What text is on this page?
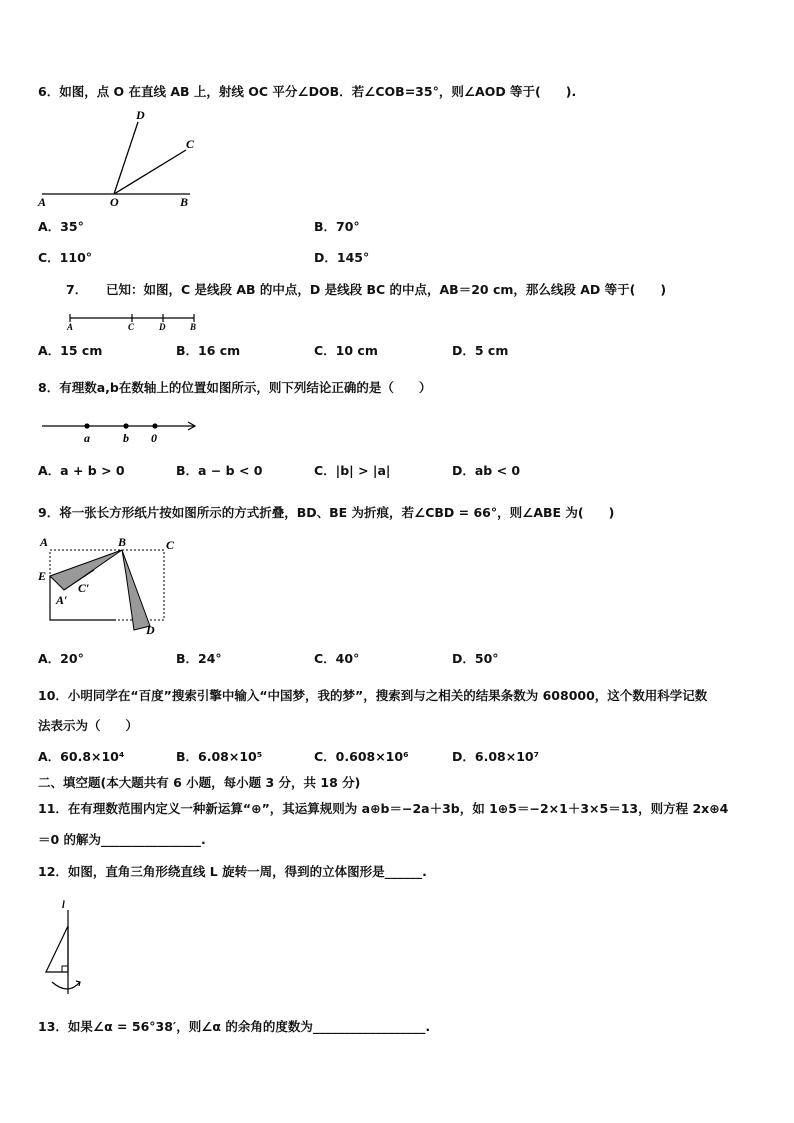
6．如图，点 O 在直线 AB 上，射线 OC 平分∠DOB．若∠COB=35°，则∠AOD 等于(　　).
D
C
A	O	B
A．35°	B．70°
C．110°	D．145°
7．　　已知：如图，C 是线段 AB 的中点，D 是线段 BC 的中点，AB＝20 cm，那么线段 AD 等于(　　)
A	C	D	B
A．15 cm	B．16 cm	C．10 cm	D．5 cm
8．有理数a,b在数轴上的位置如图所示，则下列结论正确的是（　　）
a	b 0
A．a + b > 0	B．a − b < 0	C．|b| > |a|	D．ab < 0
9．将一张长方形纸片按如图所示的方式折叠，BD、BE 为折痕，若∠CBD = 66°，则∠ABE 为(　　)
A	B	C
E
C′
A′
D
A．20°	B．24°	C．40°	D．50°
10．小明同学在“百度”搜索引擎中输入“中国梦，我的梦”，搜索到与之相关的结果条数为 608000，这个数用科学记数
法表示为（　　）
A．60.8×10⁴	B．6.08×10⁵	C．0.608×10⁶	D．6.08×10⁷
二、填空题(本大题共有 6 小题，每小题 3 分，共 18 分)
11．在有理数范围内定义一种新运算“⊕”，其运算规则为 a⊕b＝−2a＋3b，如 1⊕5＝−2×1＋3×5＝13，则方程 2x⊕4
＝0 的解为________________.
12．如图，直角三角形绕直线 L 旋转一周，得到的立体图形是______.
l
13．如果∠α = 56°38′，则∠α 的余角的度数为__________________.
